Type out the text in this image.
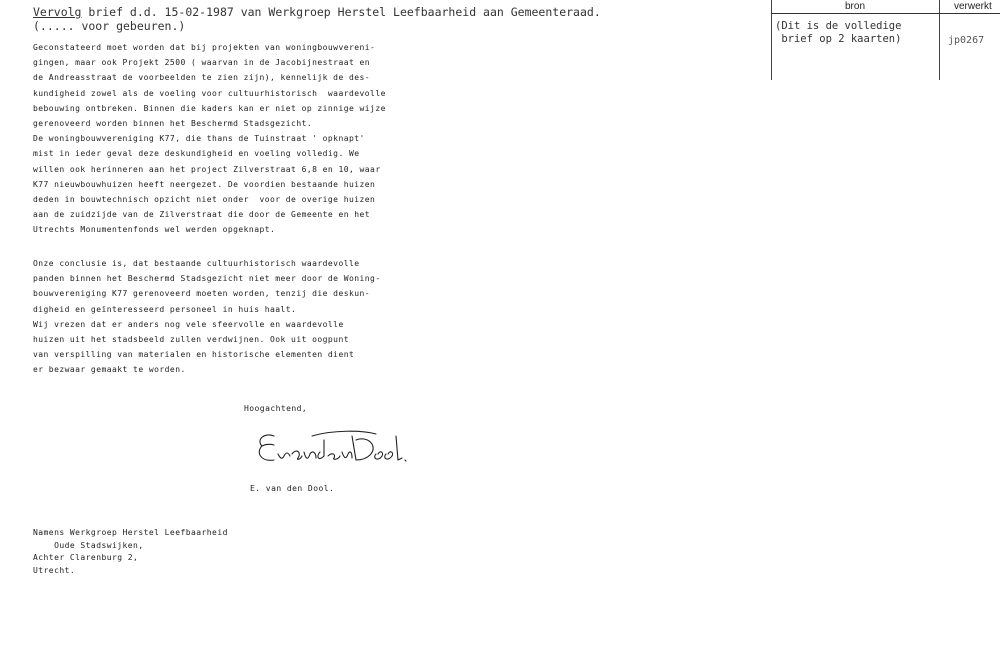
Vervolg brief d.d. 15-02-1987 van Werkgroep Herstel Leefbaarheid aan Gemeenteraad.
(..... voor gebeuren.)
Geconstateerd moet worden dat bij projekten van woningbouwvereni-
gingen, maar ook Projekt 2500 ( waarvan in de Jacobijnestraat en
de Andreasstraat de voorbeelden te zien zijn), kennelijk de des-
kundigheid zowel als de voeling voor cultuurhistorisch  waardevolle
bebouwing ontbreken. Binnen die kaders kan er niet op zinnige wijze
gerenoveerd worden binnen het Beschermd Stadsgezicht.
De woningbouwvereniging K77, die thans de Tuinstraat ' opknapt'
mist in ieder geval deze deskundigheid en voeling volledig. We
willen ook herinneren aan het project Zilverstraat 6,8 en 10, waar
K77 nieuwbouwhuizen heeft neergezet. De voordien bestaande huizen
deden in bouwtechnisch opzicht niet onder  voor de overige huizen
aan de zuidzijde van de Zilverstraat die door de Gemeente en het
Utrechts Monumentenfonds wel werden opgeknapt.
Onze conclusie is, dat bestaande cultuurhistorisch waardevolle
panden binnen het Beschermd Stadsgezicht niet meer door de Woning-
bouwvereniging K77 gerenoveerd moeten worden, tenzij die deskun-
digheid en geïnteresseerd personeel in huis haalt.
Wij vrezen dat er anders nog vele sfeervolle en waardevolle
huizen uit het stadsbeeld zullen verdwijnen. Ook uit oogpunt
van verspilling van materialen en historische elementen dient
er bezwaar gemaakt te worden.
Hoogachtend,
E. van den Dool.
Namens Werkgroep Herstel Leefbaarheid
Oude Stadswijken,
Achter Clarenburg 2,
Utrecht.
bron	verwerkt
(Dit is de volledige
brief op 2 kaarten)	jp0267
